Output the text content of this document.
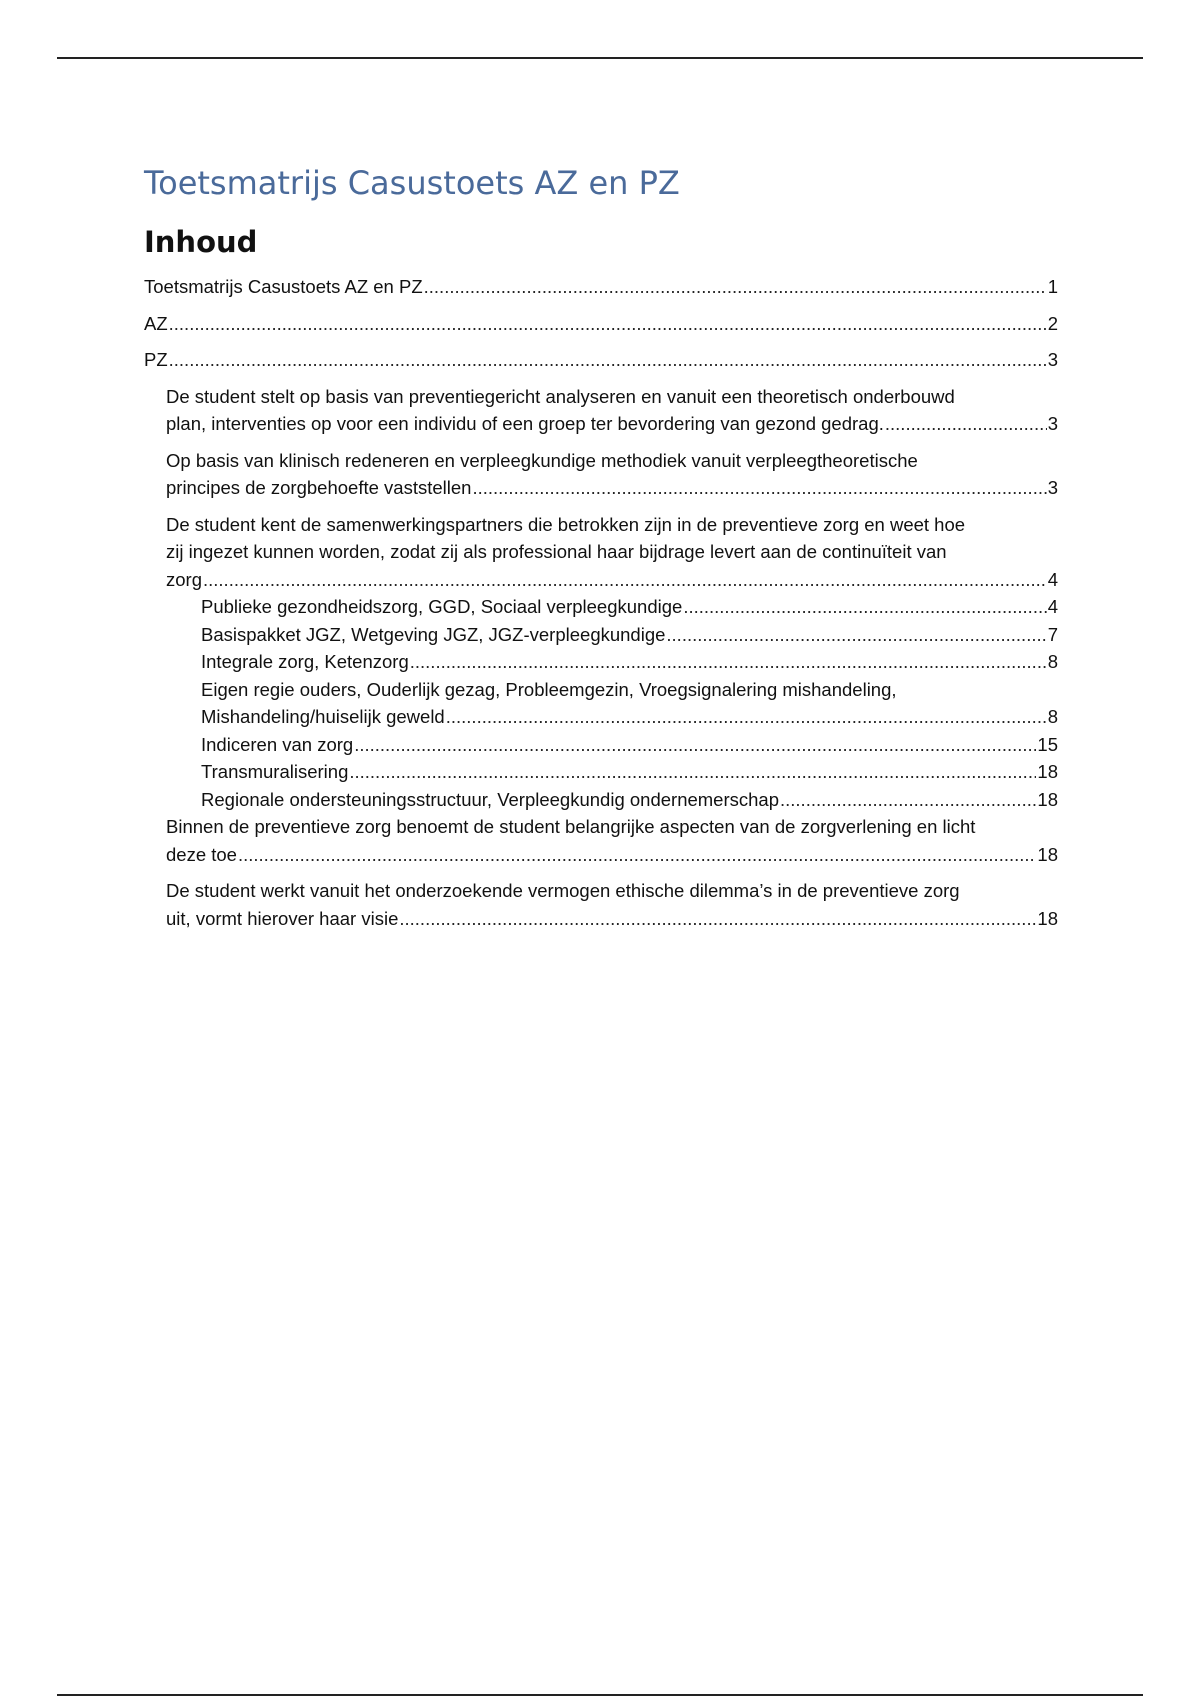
Toetsmatrijs Casustoets AZ en PZ
Inhoud
Toetsmatrijs Casustoets AZ en PZ .....	1
AZ .....	2
PZ .....	3
De student stelt op basis van preventiegericht analyseren en vanuit een theoretisch onderbouwd
plan, interventies op voor een individu of een groep ter bevordering van gezond gedrag. .....	3
Op basis van klinisch redeneren en verpleegkundige methodiek vanuit verpleegtheoretische
principes de zorgbehoefte vaststellen .....	3
De student kent de samenwerkingspartners die betrokken zijn in de preventieve zorg en weet hoe
zij ingezet kunnen worden, zodat zij als professional haar bijdrage levert aan de continuïteit van
zorg .....	4
Publieke gezondheidszorg, GGD, Sociaal verpleegkundige .....	4
Basispakket JGZ, Wetgeving JGZ, JGZ-verpleegkundige .....	7
Integrale zorg, Ketenzorg .....	8
Eigen regie ouders, Ouderlijk gezag, Probleemgezin, Vroegsignalering mishandeling,
Mishandeling/huiselijk geweld .....	8
Indiceren van zorg .....	15
Transmuralisering .....	18
Regionale ondersteuningsstructuur, Verpleegkundig ondernemerschap .....	18
Binnen de preventieve zorg benoemt de student belangrijke aspecten van de zorgverlening en licht
deze toe .....	18
De student werkt vanuit het onderzoekende vermogen ethische dilemma’s in de preventieve zorg
uit, vormt hierover haar visie .....	18
